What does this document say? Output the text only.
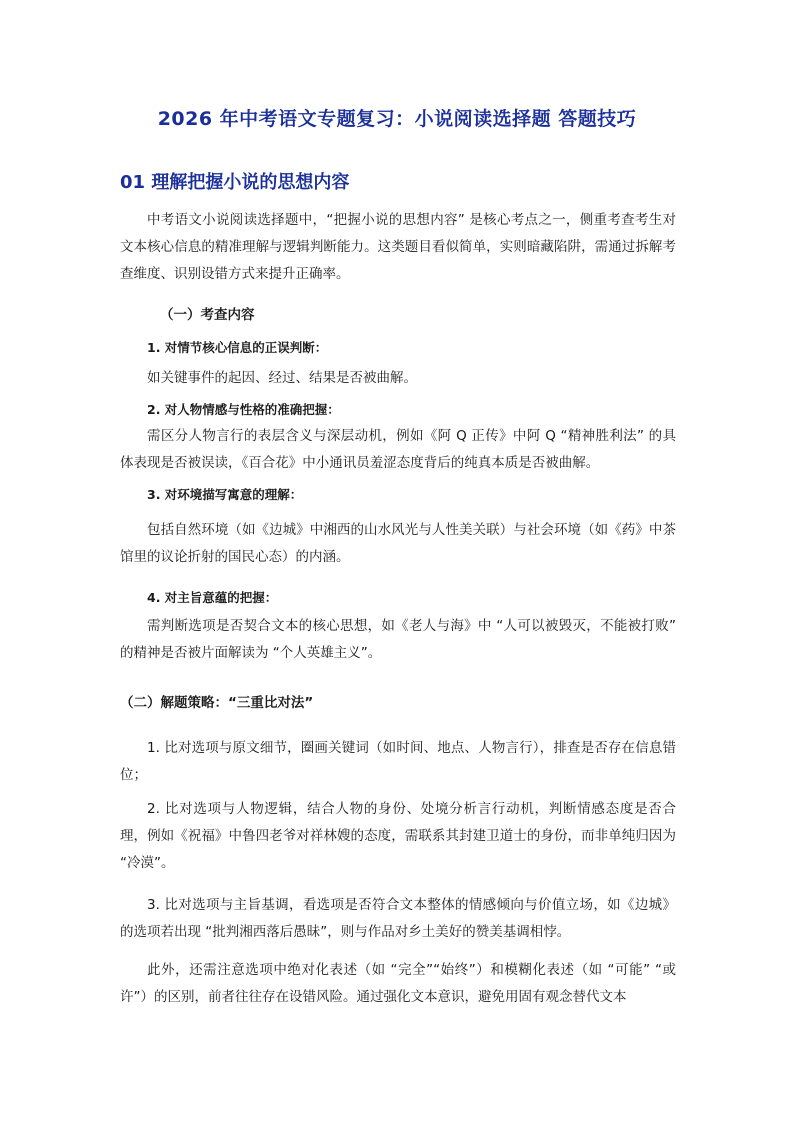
2026 年中考语文专题复习：小说阅读选择题 答题技巧
01 理解把握小说的思想内容

中考语文小说阅读选择题中，“把握小说的思想内容” 是核心考点之一，侧重考查考生对文本核心信息的精准理解与逻辑判断能力。这类题目看似简单，实则暗藏陷阱，需通过拆解考查维度、识别设错方式来提升正确率。

（一）考查内容
1. 对情节核心信息的正误判断：
如关键事件的起因、经过、结果是否被曲解。
2. 对人物情感与性格的准确把握：

需区分人物言行的表层含义与深层动机，例如《阿 Q 正传》中阿 Q “精神胜利法” 的具体表现是否被误读，《百合花》中小通讯员羞涩态度背后的纯真本质是否被曲解。

3. 对环境描写寓意的理解：

包括自然环境（如《边城》中湘西的山水风光与人性美关联）与社会环境（如《药》中茶馆里的议论折射的国民心态）的内涵。

4. 对主旨意蕴的把握：

需判断选项是否契合文本的核心思想，如《老人与海》中 “人可以被毁灭，不能被打败” 的精神是否被片面解读为 “个人英雄主义”。

（二）解题策略：“三重比对法”

1. 比对选项与原文细节，圈画关键词（如时间、地点、人物言行），排查是否存在信息错位；

2. 比对选项与人物逻辑，结合人物的身份、处境分析言行动机，判断情感态度是否合理，例如《祝福》中鲁四老爷对祥林嫂的态度，需联系其封建卫道士的身份，而非单纯归因为 “冷漠”。

3. 比对选项与主旨基调，看选项是否符合文本整体的情感倾向与价值立场，如《边城》的选项若出现 “批判湘西落后愚昧”，则与作品对乡土美好的赞美基调相悖。

此外，还需注意选项中绝对化表述（如 “完全”“始终”）和模糊化表述（如 “可能” “或许”）的区别，前者往往存在设错风险。通过强化文本意识，避免用固有观念替代文本
